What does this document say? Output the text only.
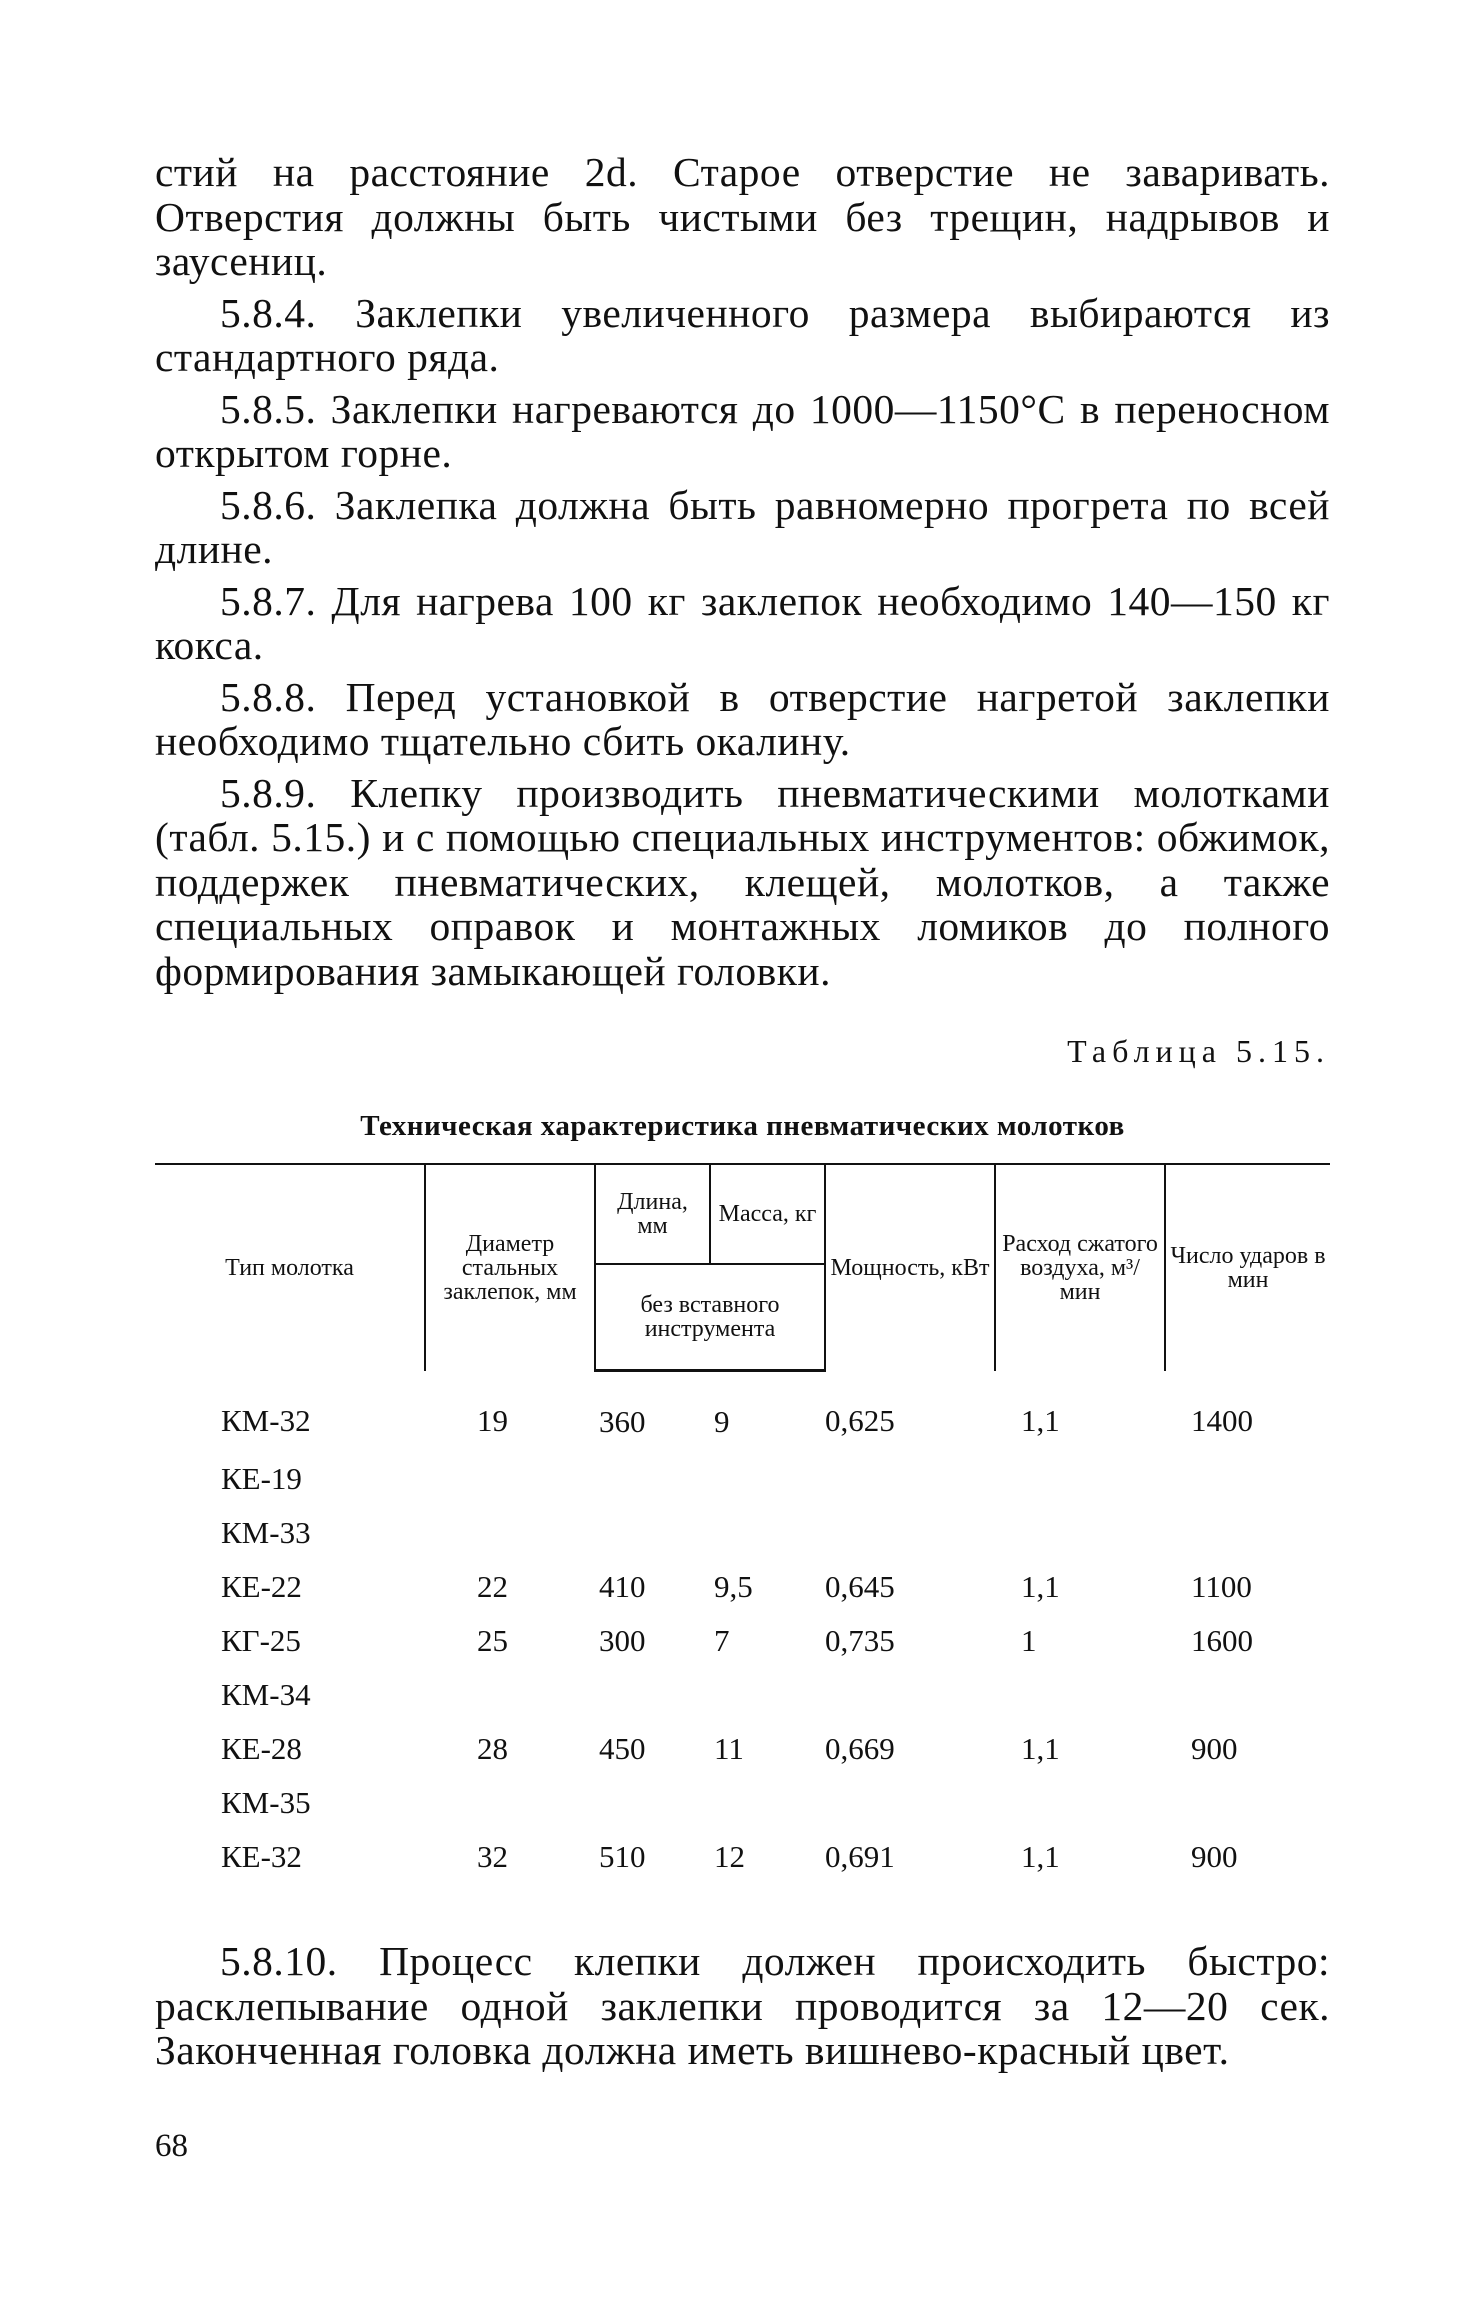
стий на расстояние 2d. Старое отверстие не заваривать. Отверстия должны быть чистыми без трещин, надрывов и заусениц.

5.8.4. Заклепки увеличенного размера выбираются из стандартного ряда.

5.8.5. Заклепки нагреваются до 1000—1150°С в переносном открытом горне.

5.8.6. Заклепка должна быть равномерно прогрета по всей длине.

5.8.7. Для нагрева 100 кг заклепок необходимо 140—150 кг кокса.

5.8.8. Перед установкой в отверстие нагретой заклепки необходимо тщательно сбить окалину.

5.8.9. Клепку производить пневматическими молотками (табл. 5.15.) и с помощью специальных инструментов: обжимок, поддержек пневматических, клещей, молотков, а также специальных оправок и монтажных ломиков до полного формирования замыкающей головки.

Таблица 5.15.
Техническая характеристика пневматических молотков
Тип молотка	Диаметр стальных заклепок, мм	Длина, мм	Масса, кг	Мощность, кВт	Расход сжатого воздуха, м³/мин	Число ударов в мин
		без вставного инструмента				
КМ-32	19	360	9	0,625	1,1	1400
КЕ-19						
КМ-33						
КЕ-22	22	410	9,5	0,645	1,1	1100
КГ-25	25	300	7	0,735	1	1600
КМ-34						
КЕ-28	28	450	11	0,669	1,1	900
КМ-35						
КЕ-32	32	510	12	0,691	1,1	900

5.8.10. Процесс клепки должен происходить быстро: расклепывание одной заклепки проводится за 12—20 сек. Законченная головка должна иметь вишнево-красный цвет.

68
